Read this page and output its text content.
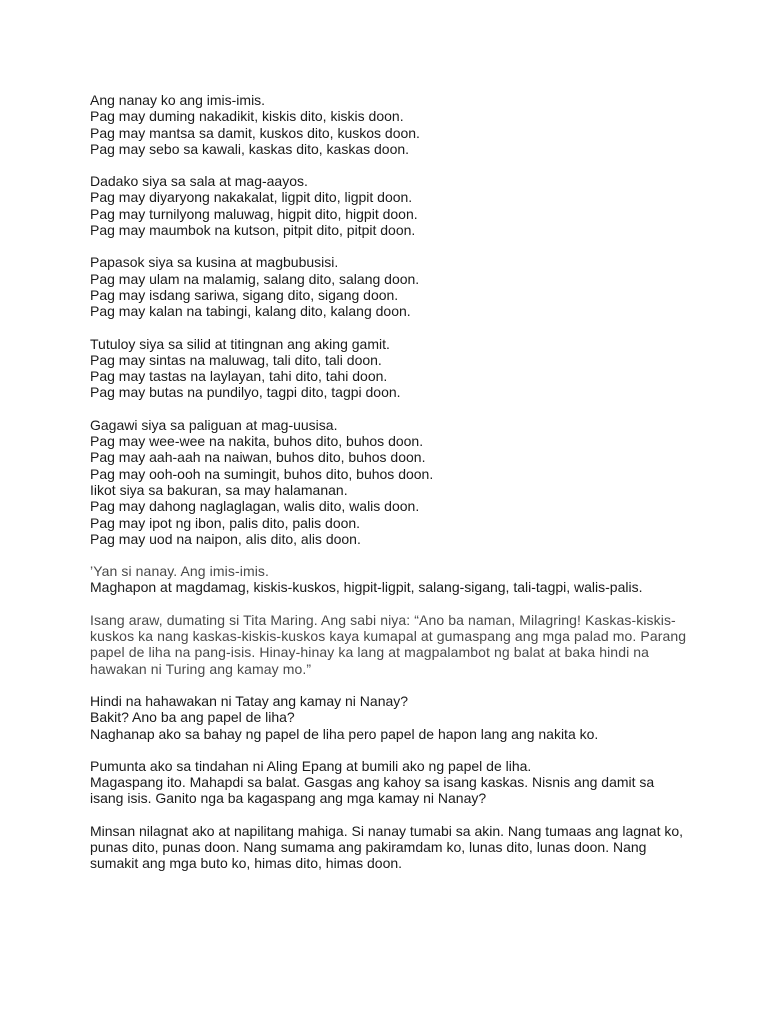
Ang nanay ko ang imis-imis.
Pag may duming nakadikit, kiskis dito, kiskis doon.
Pag may mantsa sa damit, kuskos dito, kuskos doon.
Pag may sebo sa kawali, kaskas dito, kaskas doon.
Dadako siya sa sala at mag-aayos.
Pag may diyaryong nakakalat, ligpit dito, ligpit doon.
Pag may turnilyong maluwag, higpit dito, higpit doon.
Pag may maumbok na kutson, pitpit dito, pitpit doon.
Papasok siya sa kusina at magbubusisi.
Pag may ulam na malamig, salang dito, salang doon.
Pag may isdang sariwa, sigang dito, sigang doon.
Pag may kalan na tabingi, kalang dito, kalang doon.
Tutuloy siya sa silid at titingnan ang aking gamit.
Pag may sintas na maluwag, tali dito, tali doon.
Pag may tastas na laylayan, tahi dito, tahi doon.
Pag may butas na pundilyo, tagpi dito, tagpi doon.
Gagawi siya sa paliguan at mag-uusisa.
Pag may wee-wee na nakita, buhos dito, buhos doon.
Pag may aah-aah na naiwan, buhos dito, buhos doon.
Pag may ooh-ooh na sumingit, buhos dito, buhos doon.
Iikot siya sa bakuran, sa may halamanan.
Pag may dahong naglaglagan, walis dito, walis doon.
Pag may ipot ng ibon, palis dito, palis doon.
Pag may uod na naipon, alis dito, alis doon.
’Yan si nanay. Ang imis-imis.
Maghapon at magdamag, kiskis-kuskos, higpit-ligpit, salang-sigang, tali-tagpi, walis-palis.
Isang araw, dumating si Tita Maring. Ang sabi niya: “Ano ba naman, Milagring! Kaskas-kiskis-
kuskos ka nang kaskas-kiskis-kuskos kaya kumapal at gumaspang ang mga palad mo. Parang
papel de liha na pang-isis. Hinay-hinay ka lang at magpalambot ng balat at baka hindi na
hawakan ni Turing ang kamay mo.”
Hindi na hahawakan ni Tatay ang kamay ni Nanay?
Bakit? Ano ba ang papel de liha?
Naghanap ako sa bahay ng papel de liha pero papel de hapon lang ang nakita ko.
Pumunta ako sa tindahan ni Aling Epang at bumili ako ng papel de liha.
Magaspang ito. Mahapdi sa balat. Gasgas ang kahoy sa isang kaskas. Nisnis ang damit sa
isang isis. Ganito nga ba kagaspang ang mga kamay ni Nanay?
Minsan nilagnat ako at napilitang mahiga. Si nanay tumabi sa akin. Nang tumaas ang lagnat ko,
punas dito, punas doon. Nang sumama ang pakiramdam ko, lunas dito, lunas doon. Nang
sumakit ang mga buto ko, himas dito, himas doon.
